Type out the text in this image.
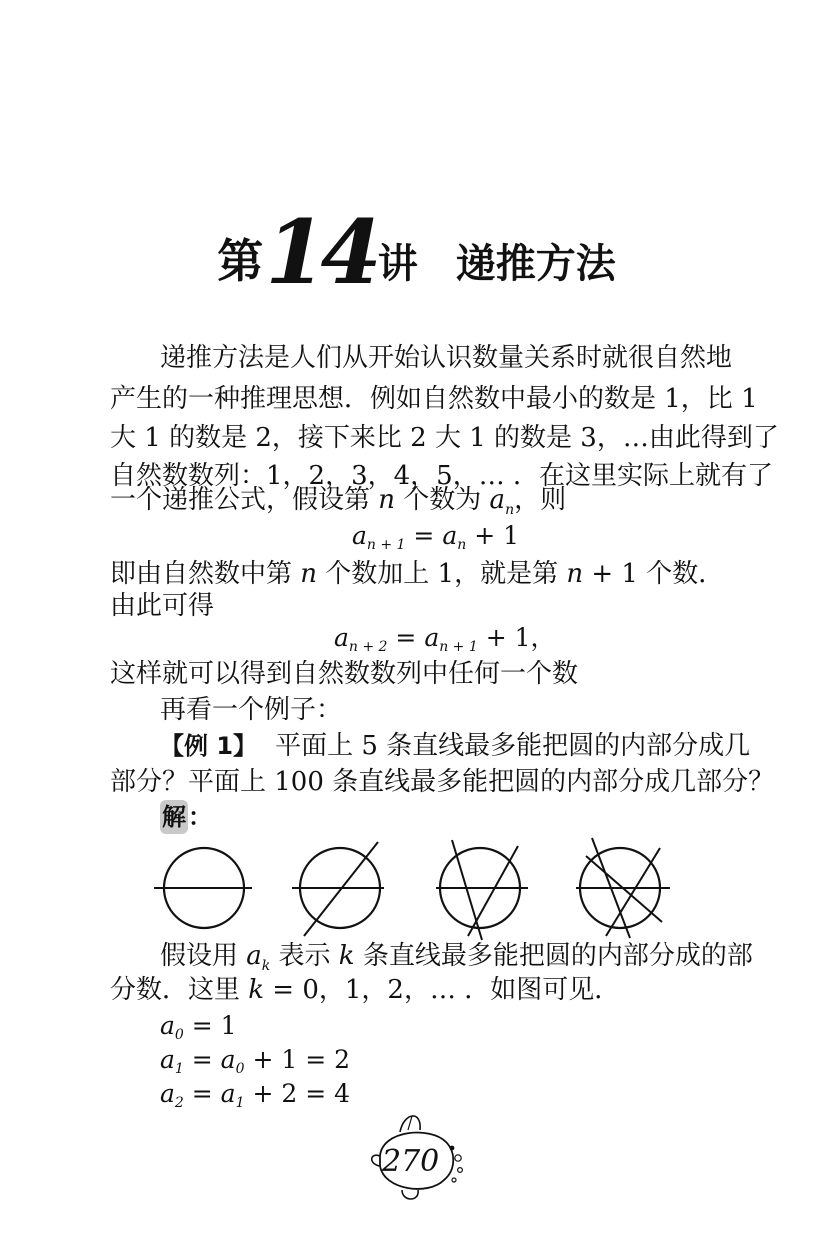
第14讲 递推方法
递推方法是人们从开始认识数量关系时就很自然地
产生的一种推理思想．例如自然数中最小的数是 1，比 1
大 1 的数是 2，接下来比 2 大 1 的数是 3，…由此得到了
自然数数列：1，2，3，4，5，… ．在这里实际上就有了
一个递推公式，假设第 n 个数为 $a_n$，则
$a_{n + 1} = a_n + 1$
即由自然数中第 n 个数加上 1，就是第 n + 1 个数．
由此可得
$a_{n + 2} = a_{n + 1} + 1$，
这样就可以得到自然数数列中任何一个数
再看一个例子：
【例 1】 平面上 5 条直线最多能把圆的内部分成几
部分？平面上 100 条直线最多能把圆的内部分成几部分？
解：
假设用 $a_k$ 表示 k 条直线最多能把圆的内部分成的部
分数．这里 k = 0，1，2，… ．如图可见．
$a_0 = 1$
$a_1 = a_0 + 1 = 2$
$a_2 = a_1 + 2 = 4$
270
